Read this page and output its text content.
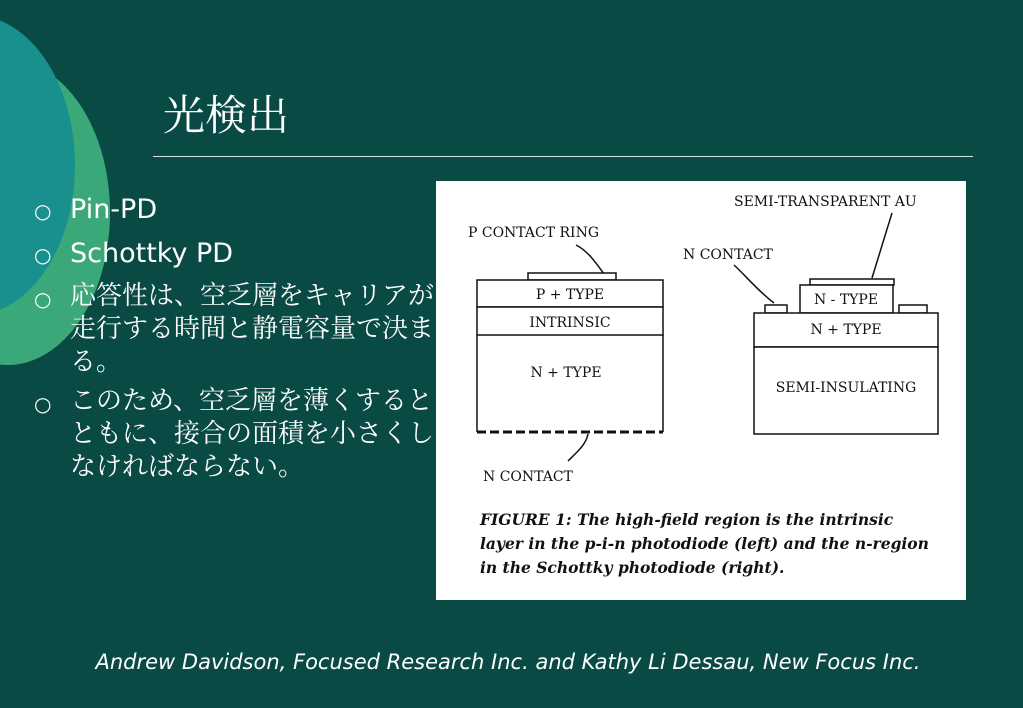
光検出
○ Pin-PD
○ Schottky PD
○ 応答性は、空乏層をキャリアが走行する時間と静電容量で決まる。
○ このため、空乏層を薄くするとともに、接合の面積を小さくしなければならない。
P CONTACT RING
P + TYPE
INTRINSIC
N + TYPE
N CONTACT
SEMI-TRANSPARENT AU
N CONTACT
N - TYPE
N + TYPE
SEMI-INSULATING

FIGURE 1: The high-field region is the intrinsic layer in the p-i-n photodiode (left) and the n-region in the Schottky photodiode (right).

Andrew Davidson, Focused Research Inc. and Kathy Li Dessau, New Focus Inc.
